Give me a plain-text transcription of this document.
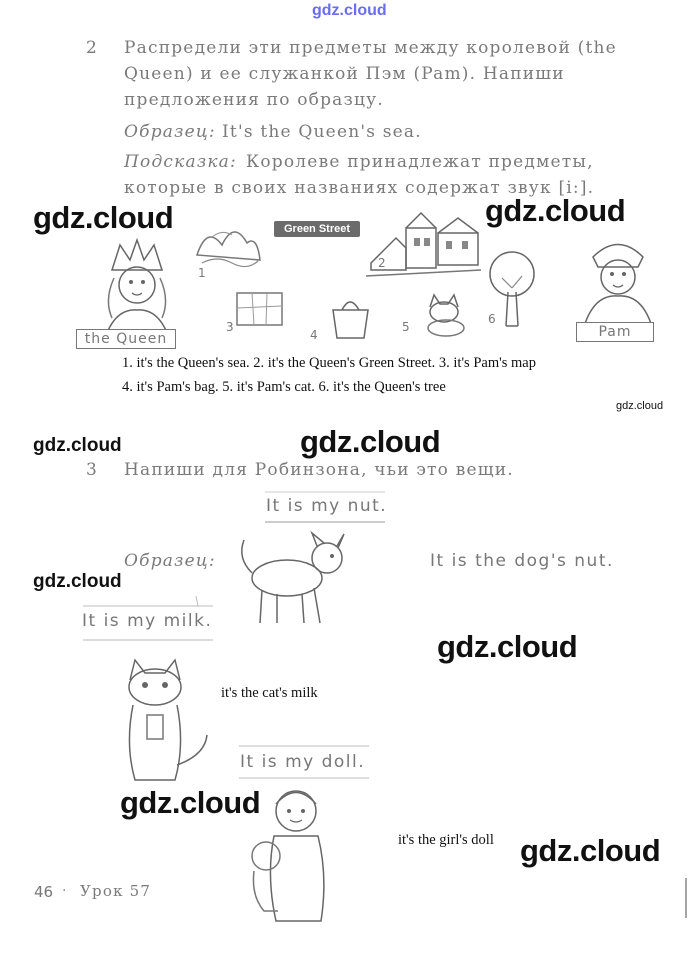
gdz.cloud
2 Распредели эти предметы между королевой (the
Queen) и ее служанкой Пэм (Pam). Напиши
предложения по образцу.
Образец: It's the Queen's sea.
Подсказка: Королеве принадлежат предметы,
которые в своих названиях содержат звук [i:].
the Queen
1
Green Street
2
6
Pam
3
4
5
1. it's the Queen's sea. 2. it's the Queen's Green Street. 3. it's Pam's map
4. it's Pam's bag. 5. it's Pam's cat. 6. it's the Queen's tree
gdz.cloud
3 Напиши для Робинзона, чьи это вещи.
It is my nut.
Образец:	It is the dog's nut.
It is my milk.
it's the cat's milk
It is my doll.
it's the girl's doll
46 · Урок 57
gdz.cloud	gdz.cloud
gdz.cloud	gdz.cloud
gdz.cloud
gdz.cloud
gdz.cloud
gdz.cloud
